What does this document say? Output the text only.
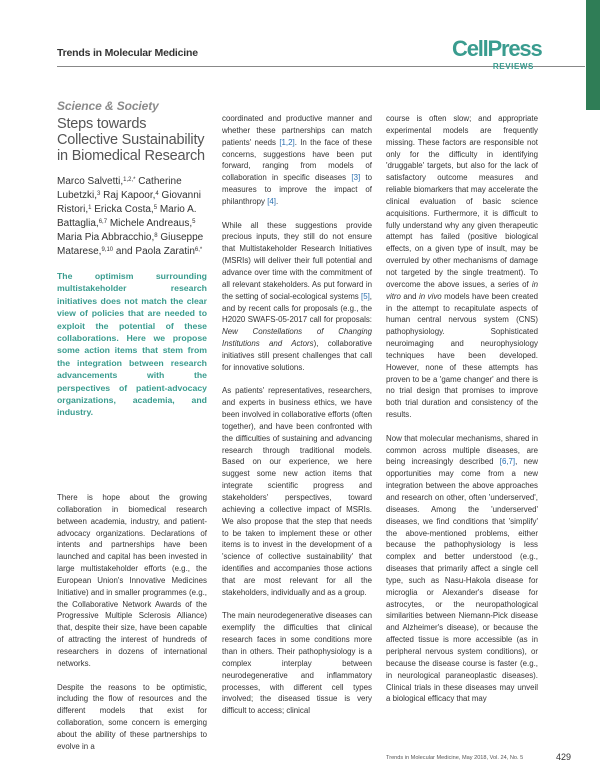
Trends in Molecular Medicine	CellPress
REVIEWS
Science & Society
Steps towards Collective Sustainability in Biomedical Research
Marco Salvetti,$^{1,2,*}$ Catherine Lubetzki,$^3$ Raj Kapoor,$^4$ Giovanni Ristori,$^1$ Ericka Costa,$^5$ Mario A. Battaglia,$^{6,7}$ Michele Andreaus,$^5$ Maria Pia Abbracchio,$^8$ Giuseppe Matarese,$^{9,10}$ and Paola Zaratin$^{6,*}$

The optimism surrounding multistakeholder research initiatives does not match the clear view of policies that are needed to exploit the potential of these collaborations. Here we propose some action items that stem from the integration between research advancements with the perspectives of patient-advocacy organizations, academia, and industry.

There is hope about the growing collaboration in biomedical research between academia, industry, and patient-advocacy organizations. Declarations of intents and partnerships have been launched and capital has been invested in large multistakeholder efforts (e.g., the European Union's Innovative Medicines Initiative) and in smaller programmes (e.g., the Collaborative Network Awards of the Progressive Multiple Sclerosis Alliance) that, despite their size, have been capable of attracting the interest of hundreds of researchers in dozens of international networks.

Despite the reasons to be optimistic, including the flow of resources and the different models that exist for collaboration, some concern is emerging about the ability of these partnerships to evolve in a

coordinated and productive manner and whether these partnerships can match patients' needs [1,2]. In the face of these concerns, suggestions have been put forward, ranging from models of collaboration in specific diseases [3] to measures to improve the impact of philanthropy [4].

While all these suggestions provide precious inputs, they still do not ensure that Multistakeholder Research Initiatives (MSRIs) will deliver their full potential and advance over time with the commitment of all relevant stakeholders. As put forward in the setting of social-ecological systems [5], and by recent calls for proposals (e.g., the H2020 SWAFS-05-2017 call for proposals: New Constellations of Changing Institutions and Actors), collaborative initiatives still present challenges that call for innovative solutions.

As patients' representatives, researchers, and experts in business ethics, we have been involved in collaborative efforts (often together), and have been confronted with the difficulties of sustaining and advancing research through traditional models. Based on our experience, we here suggest some new action items that integrate scientific progress and stakeholders' perspectives, toward achieving a collective impact of MSRIs. We also propose that the step that needs to be taken to implement these or other items is to invest in the development of a 'science of collective sustainability' that identifies and accompanies those actions that are most relevant for all the stakeholders, individually and as a group.

The main neurodegenerative diseases can exemplify the difficulties that clinical research faces in some conditions more than in others. Their pathophysiology is a complex interplay between neurodegenerative and inflammatory processes, with different cell types involved; the diseased tissue is very difficult to access; clinical

course is often slow; and appropriate experimental models are frequently missing. These factors are responsible not only for the difficulty in identifying 'druggable' targets, but also for the lack of satisfactory outcome measures and reliable biomarkers that may accelerate the clinical evaluation of basic science acquisitions. Furthermore, it is difficult to fully understand why any given therapeutic attempt has failed (positive biological effects, on a given type of insult, may be overruled by other mechanisms of damage not targeted by the single treatment). To overcome the above issues, a series of in vitro and in vivo models have been created in the attempt to recapitulate aspects of human central nervous system (CNS) pathophysiology. Sophisticated neuroimaging and neurophysiology techniques have been developed. However, none of these attempts has proven to be a 'game changer' and there is no trial design that promises to improve both trial duration and consistency of the results.

Now that molecular mechanisms, shared in common across multiple diseases, are being increasingly described [6,7], new opportunities may come from a new integration between the above approaches and research on other, often 'underserved', diseases. Among the 'underserved' diseases, we find conditions that 'simplify' the above-mentioned problems, either because the pathophysiology is less complex and better understood (e.g., diseases that primarily affect a single cell type, such as Nasu-Hakola disease for microglia or Alexander's disease for astrocytes, or the neuropathological similarities between Niemann-Pick disease and Alzheimer's disease), or because the affected tissue is more accessible (as in peripheral nervous system conditions), or because the disease course is faster (e.g., in neurological paraneoplastic diseases). Clinical trials in these diseases may unveil a biological efficacy that may

Trends in Molecular Medicine, May 2018, Vol. 24, No. 5	429
